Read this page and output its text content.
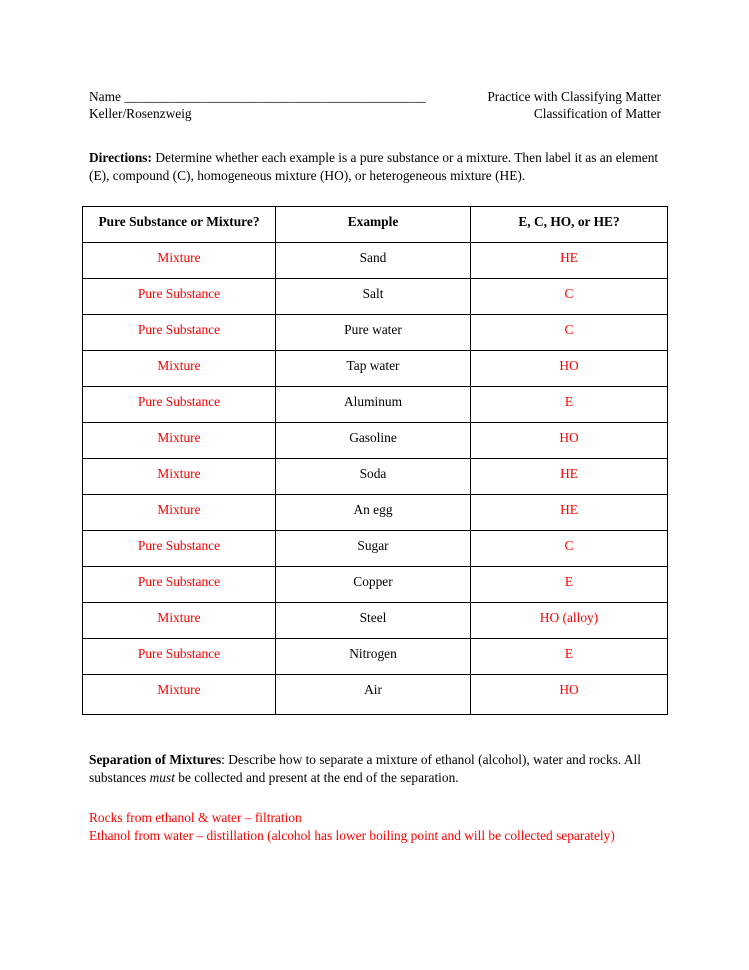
Name _____________________________________________
Keller/Rosenzweig
Practice with Classifying Matter
Classification of Matter

Directions: Determine whether each example is a pure substance or a mixture. Then label it as an element (E), compound (C), homogeneous mixture (HO), or heterogeneous mixture (HE).

Pure Substance or Mixture?	Example	E, C, HO, or HE?
Mixture	Sand	HE
Pure Substance	Salt	C
Pure Substance	Pure water	C
Mixture	Tap water	HO
Pure Substance	Aluminum	E
Mixture	Gasoline	HO
Mixture	Soda	HE
Mixture	An egg	HE
Pure Substance	Sugar	C
Pure Substance	Copper	E
Mixture	Steel	HO (alloy)
Pure Substance	Nitrogen	E
Mixture	Air	HO

Separation of Mixtures: Describe how to separate a mixture of ethanol (alcohol), water and rocks. All substances must be collected and present at the end of the separation.

Rocks from ethanol & water – filtration
Ethanol from water – distillation (alcohol has lower boiling point and will be collected separately)
